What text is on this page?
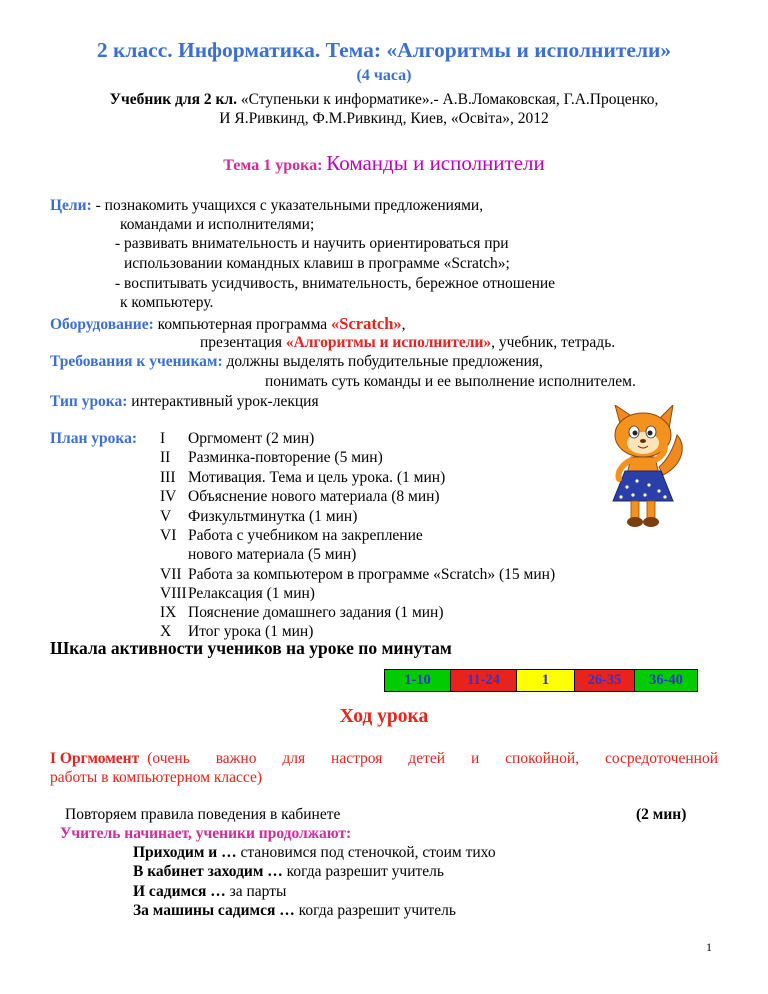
2 класс. Информатика. Тема: «Алгоритмы и исполнители»
(4 часа)
Учебник для 2 кл. «Ступеньки к информатике».- А.В.Ломаковская, Г.А.Проценко,
И Я.Ривкинд, Ф.М.Ривкинд, Киев, «Освіта», 2012
Тема 1 урока: Команды и исполнители
Цели: - познакомить учащихся с указательными предложениями,
командами и исполнителями;
- развивать внимательность и научить ориентироваться при
использовании командных клавиш в программе «Scratch»;
- воспитывать усидчивость, внимательность, бережное отношение
к компьютеру.
Оборудование: компьютерная программа «Scratch»,
презентация «Алгоритмы и исполнители», учебник, тетрадь.
Требования к ученикам: должны выделять побудительные предложения,
понимать суть команды и ее выполнение исполнителем.
Тип урока: интерактивный урок-лекция
План урока: I Оргмомент (2 мин)
II Разминка-повторение (5 мин)
III Мотивация. Тема и цель урока. (1 мин)
IV Объяснение нового материала (8 мин)
V Физкультминутка (1 мин)
VI Работа с учебником на закрепление
нового материала (5 мин)
VII Работа за компьютером в программе «Scratch» (15 мин)
VIIIРелаксация (1 мин)
IX Пояснение домашнего задания (1 мин)
X Итог урока (1 мин)
Шкала активности учеников на уроке по минутам
1-10	11-24	1	26-35	36-40
Ход урока
I Оргмомент (очень важно для настроя детей и спокойной, сосредоточенной
работы в компьютерном классе)
Повторяем правила поведения в кабинете	(2 мин)
Учитель начинает, ученики продолжают:
Приходим и … становимся под стеночкой, стоим тихо
В кабинет заходим … когда разрешит учитель
И садимся … за парты
За машины садимся … когда разрешит учитель
1
